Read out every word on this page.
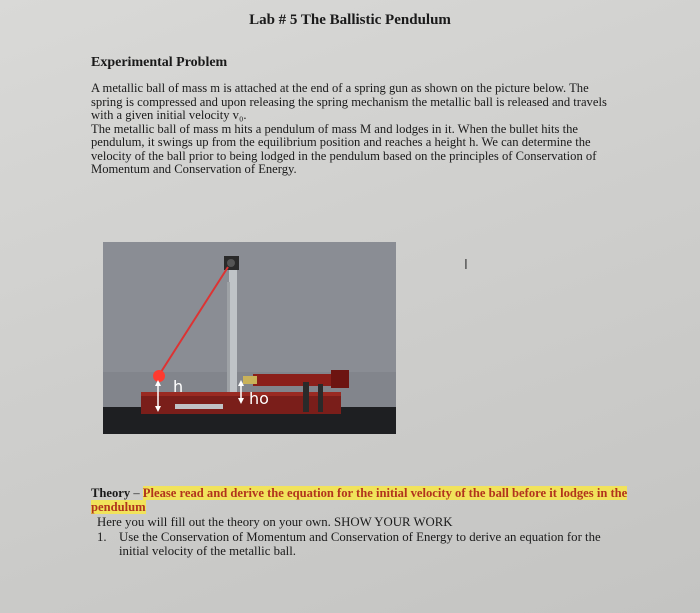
Lab # 5 The Ballistic Pendulum
Experimental Problem

A metallic ball of mass m is attached at the end of a spring gun as shown on the picture below. The spring is compressed and upon releasing the spring mechanism the metallic ball is released and travels with a given initial velocity v₀.

The metallic ball of mass m hits a pendulum of mass M and lodges in it. When the bullet hits the pendulum, it swings up from the equilibrium position and reaches a height h. We can determine the velocity of the ball prior to being lodged in the pendulum based on the principles of Conservation of Momentum and Conservation of Energy.

h
ho
I
Theory – Please read and derive the equation for the initial velocity of the ball before it lodges in the pendulum
Here you will fill out the theory on your own. SHOW YOUR WORK
1. Use the Conservation of Momentum and Conservation of Energy to derive an equation for the initial velocity of the metallic ball.
